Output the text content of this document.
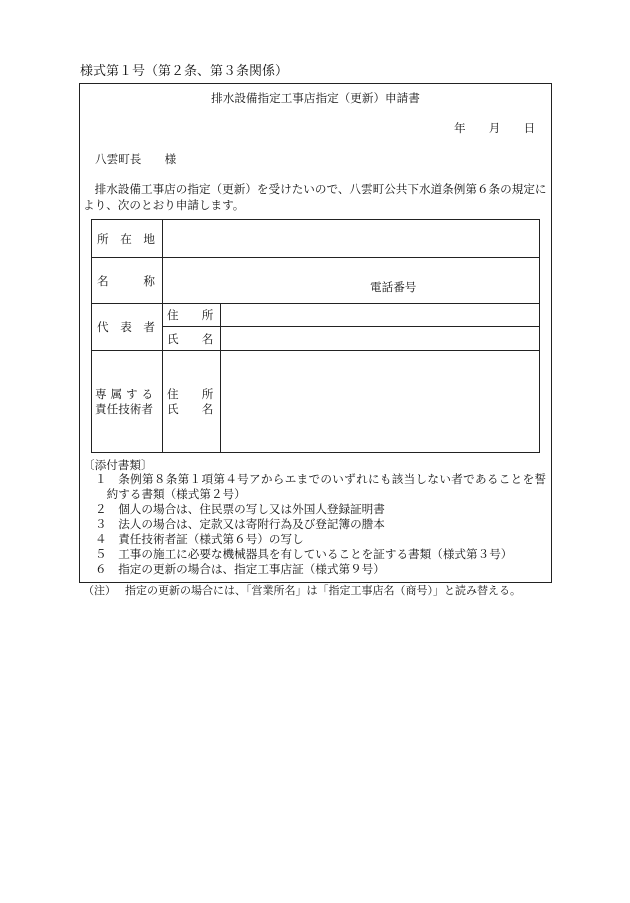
様式第１号（第２条、第３条関係）
排水設備指定工事店指定（更新）申請書
年　　月　　日
八雲町長　　様
排水設備工事店の指定（更新）を受けたいので、八雲町公共下水道条例第６条の規定に
より、次のとおり申請します。
所　在　地
名　　　称	電話番号
代　表　者
住　　所
氏　　名
専属する
責任技術者
住　　所
氏　　名
〔添付書類〕
１ 条例第８条第１項第４号アからエまでのいずれにも該当しない者であることを誓
約する書類（様式第２号）
２ 個人の場合は、住民票の写し又は外国人登録証明書
３ 法人の場合は、定款又は寄附行為及び登記簿の謄本
４ 責任技術者証（様式第６号）の写し
５ 工事の施工に必要な機械器具を有していることを証する書類（様式第３号）
６ 指定の更新の場合は、指定工事店証（様式第９号）
（注） 指定の更新の場合には、「営業所名」は「指定工事店名（商号）」と読み替える。
